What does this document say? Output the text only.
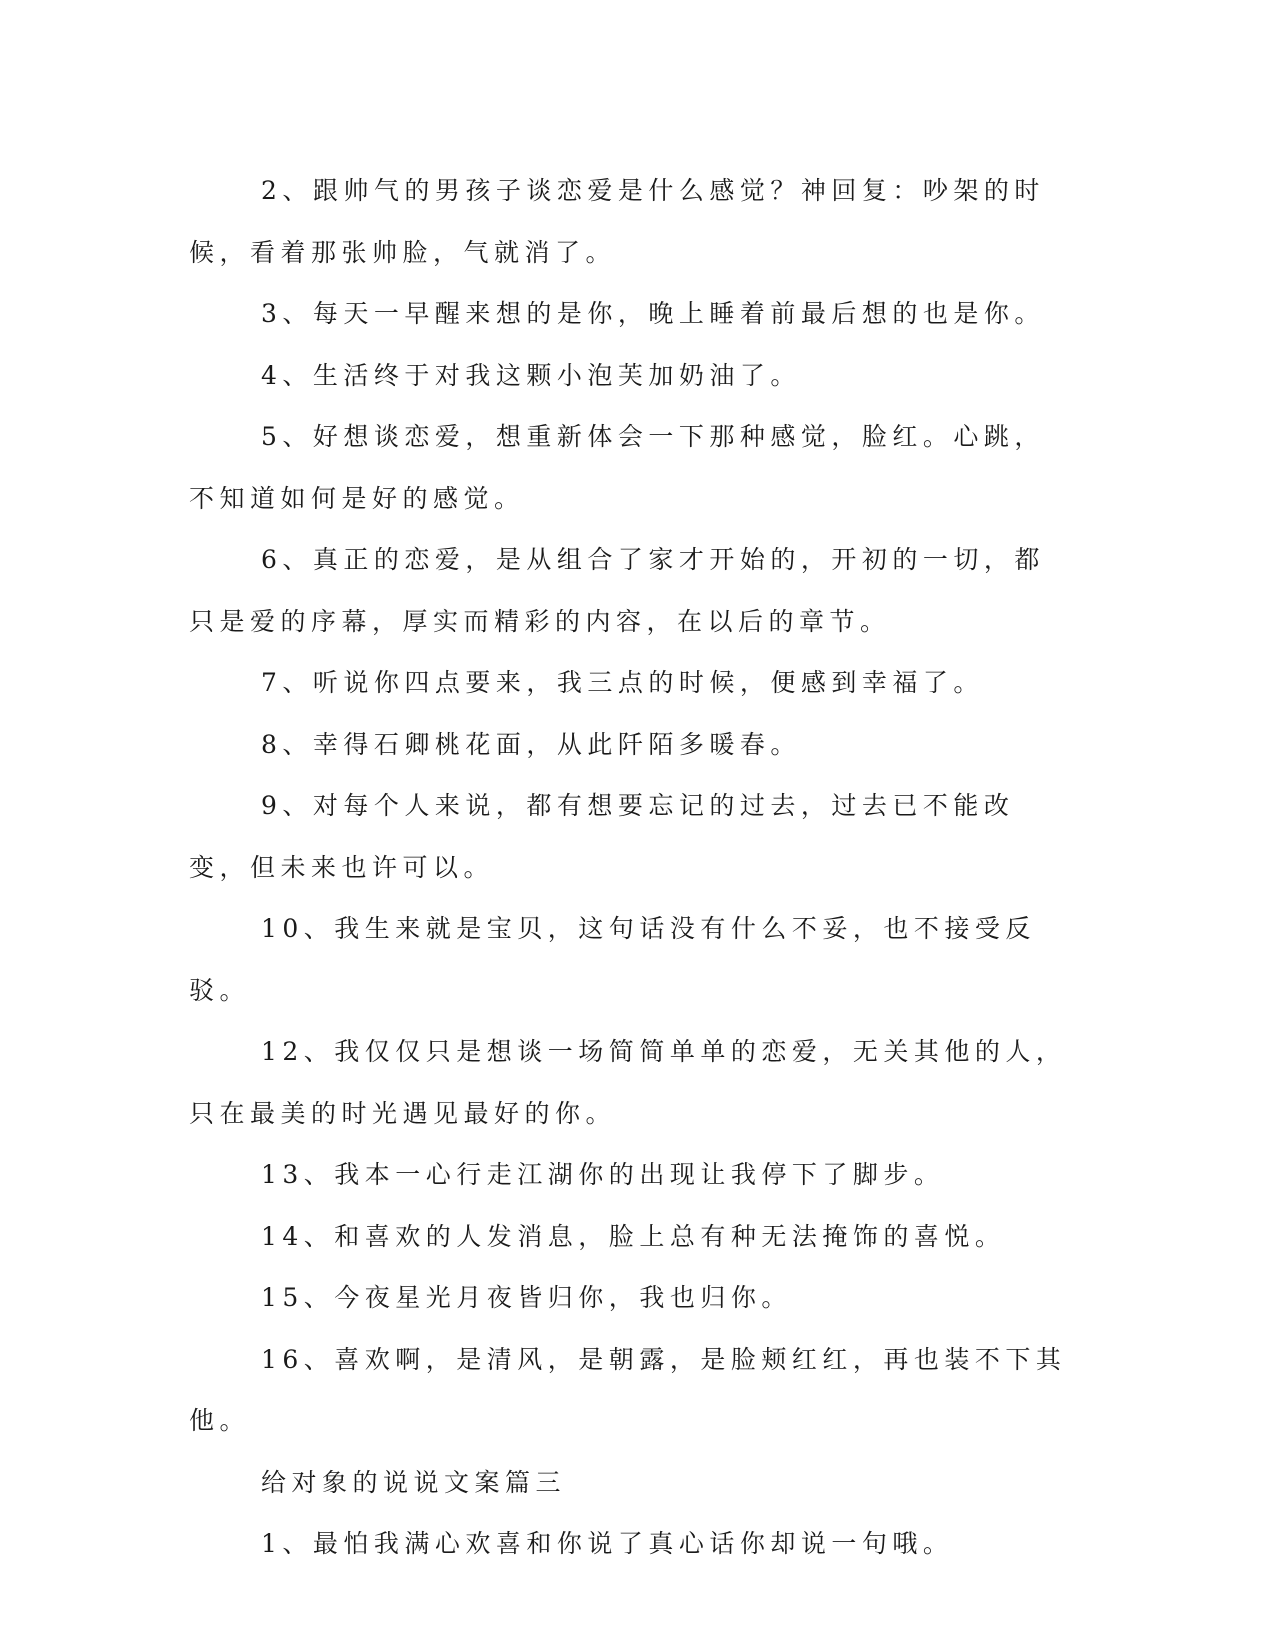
2、跟帅气的男孩子谈恋爱是什么感觉？神回复：吵架的时候，看着那张帅脸，气就消了。

3、每天一早醒来想的是你，晚上睡着前最后想的也是你。

4、生活终于对我这颗小泡芙加奶油了。

5、好想谈恋爱，想重新体会一下那种感觉，脸红。心跳，不知道如何是好的感觉。

6、真正的恋爱，是从组合了家才开始的，开初的一切，都只是爱的序幕，厚实而精彩的内容，在以后的章节。

7、听说你四点要来，我三点的时候，便感到幸福了。

8、幸得石卿桃花面，从此阡陌多暖春。

9、对每个人来说，都有想要忘记的过去，过去已不能改变，但未来也许可以。

10、我生来就是宝贝，这句话没有什么不妥，也不接受反驳。

12、我仅仅只是想谈一场简简单单的恋爱，无关其他的人，只在最美的时光遇见最好的你。

13、我本一心行走江湖你的出现让我停下了脚步。

14、和喜欢的人发消息，脸上总有种无法掩饰的喜悦。

15、今夜星光月夜皆归你，我也归你。

16、喜欢啊，是清风，是朝露，是脸颊红红，再也装不下其他。

给对象的说说文案篇三

1、最怕我满心欢喜和你说了真心话你却说一句哦。
